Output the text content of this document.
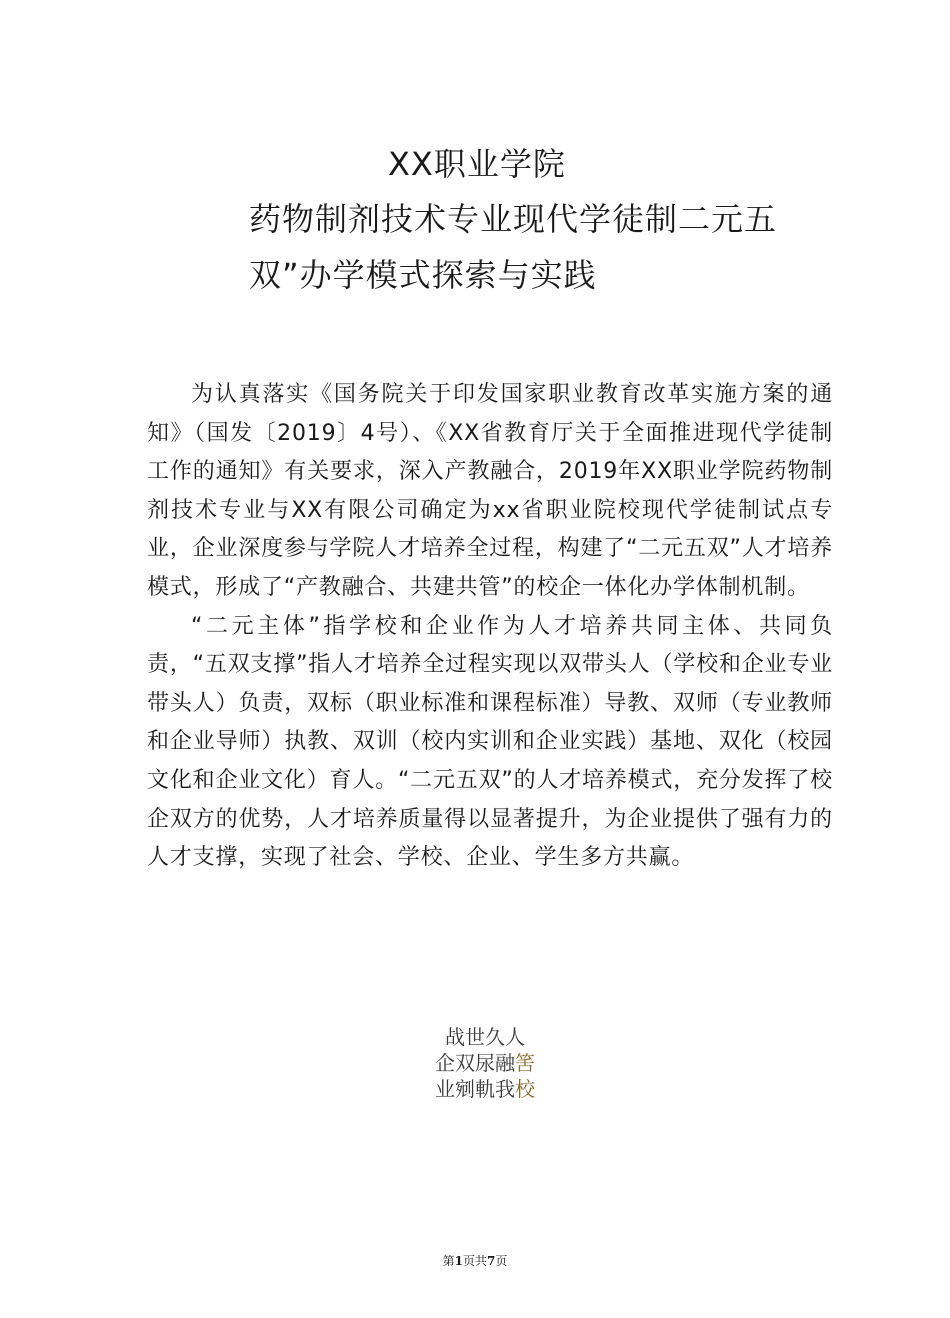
XX职业学院
药物制剂技术专业现代学徒制二元五
双”办学模式探索与实践

为认真落实《国务院关于印发国家职业教育改革实施方案的通知》（国发〔2019〕4号）、《XX省教育厅关于全面推进现代学徒制工作的通知》有关要求，深入产教融合，2019年XX职业学院药物制剂技术专业与XX有限公司确定为xx省职业院校现代学徒制试点专业，企业深度参与学院人才培养全过程，构建了“二元五双”人才培养模式，形成了“产教融合、共建共管”的校企一体化办学体制机制。

“二元主体”指学校和企业作为人才培养共同主体、共同负责，“五双支撑”指人才培养全过程实现以双带头人（学校和企业专业带头人）负责，双标（职业标准和课程标准）导教、双师（专业教师和企业导师）执教、双训（校内实训和企业实践）基地、双化（校园文化和企业文化）育人。“二元五双”的人才培养模式，充分发挥了校企双方的优势，人才培养质量得以显著提升，为企业提供了强有力的人才支撑，实现了社会、学校、企业、学生多方共赢。

战世久人
企双尿融筈
业剜軌我校
第1页共7页
